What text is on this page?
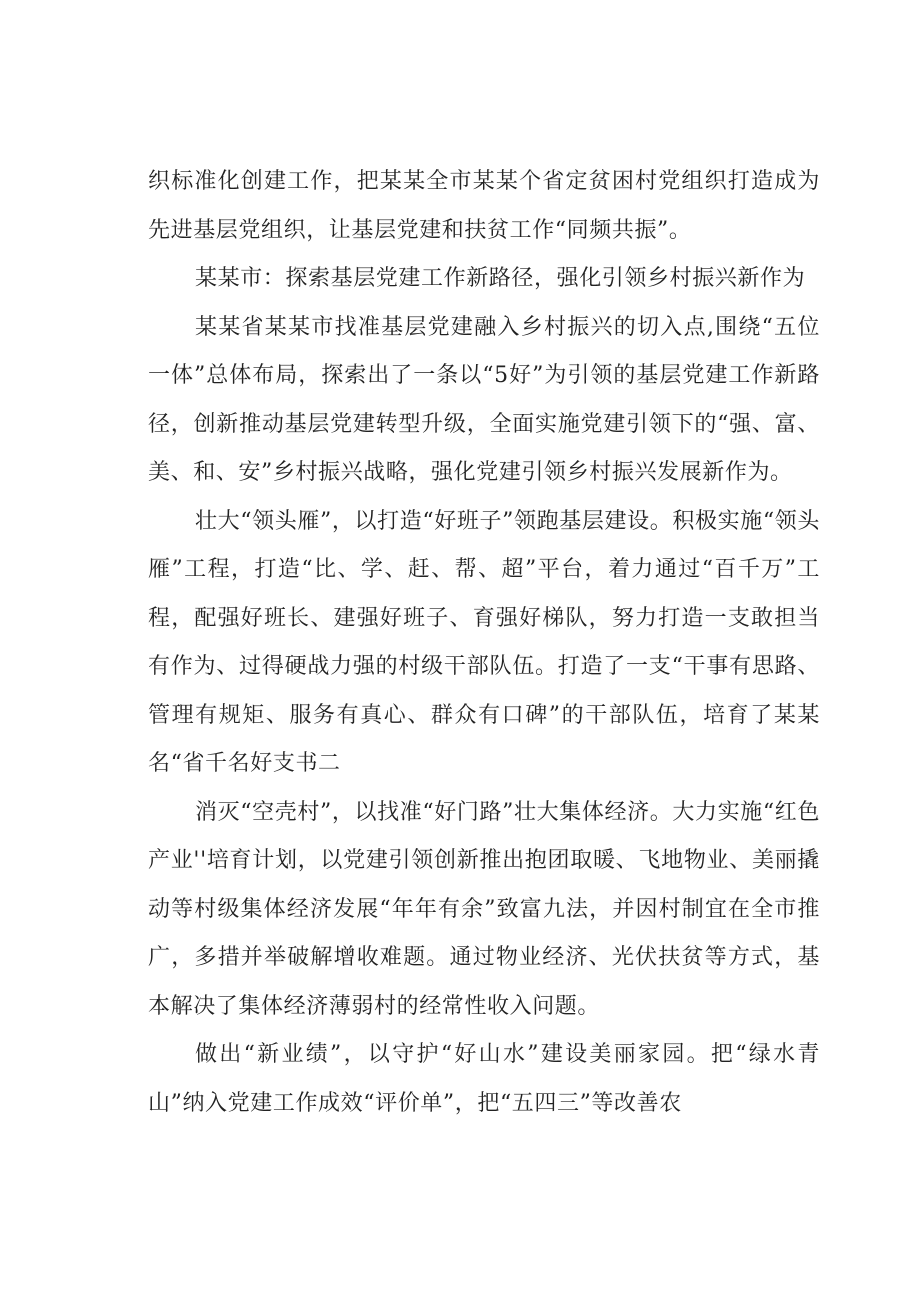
织标准化创建工作，把某某全市某某个省定贫困村党组织打造成为先进基层党组织，让基层党建和扶贫工作“同频共振”。

某某市：探索基层党建工作新路径，强化引领乡村振兴新作为

某某省某某市找准基层党建融入乡村振兴的切入点,围绕“五位一体”总体布局，探索出了一条以“5好”为引领的基层党建工作新路径，创新推动基层党建转型升级，全面实施党建引领下的“强、富、美、和、安”乡村振兴战略，强化党建引领乡村振兴发展新作为。

壮大“领头雁”，以打造“好班子”领跑基层建设。积极实施“领头雁”工程，打造“比、学、赶、帮、超”平台，着力通过“百千万”工程，配强好班长、建强好班子、育强好梯队，努力打造一支敢担当有作为、过得硬战力强的村级干部队伍。打造了一支“干事有思路、管理有规矩、服务有真心、群众有口碑”的干部队伍，培育了某某名“省千名好支书二

消灭“空壳村”，以找准“好门路”壮大集体经济。大力实施“红色产业''培育计划，以党建引领创新推出抱团取暖、飞地物业、美丽撬动等村级集体经济发展“年年有余”致富九法，并因村制宜在全市推广，多措并举破解增收难题。通过物业经济、光伏扶贫等方式，基本解决了集体经济薄弱村的经常性收入问题。

做出“新业绩”，以守护“好山水”建设美丽家园。把“绿水青山”纳入党建工作成效“评价单”，把“五四三”等改善农
